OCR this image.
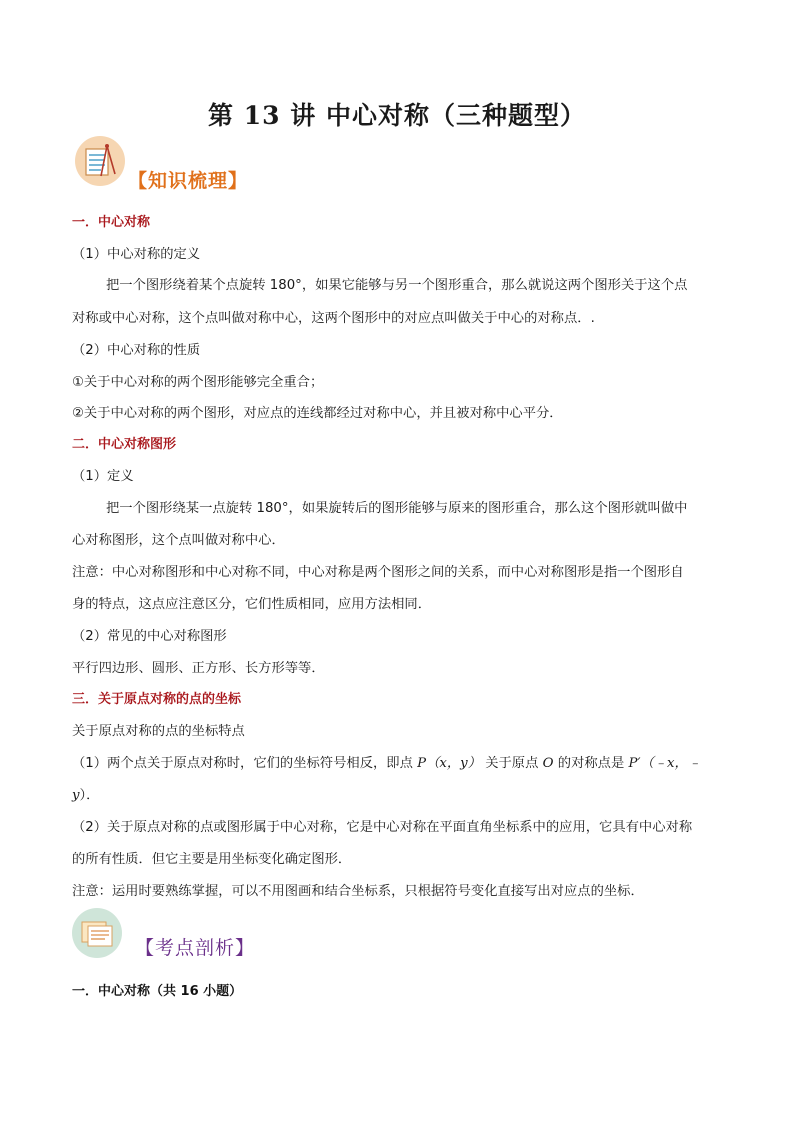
第 13 讲 中心对称（三种题型）
【知识梳理】
一．中心对称
（1）中心对称的定义
把一个图形绕着某个点旋转 180°，如果它能够与另一个图形重合，那么就说这两个图形关于这个点
对称或中心对称，这个点叫做对称中心，这两个图形中的对应点叫做关于中心的对称点．.
（2）中心对称的性质
①关于中心对称的两个图形能够完全重合；
②关于中心对称的两个图形，对应点的连线都经过对称中心，并且被对称中心平分．
二．中心对称图形
（1）定义
把一个图形绕某一点旋转 180°，如果旋转后的图形能够与原来的图形重合，那么这个图形就叫做中
心对称图形，这个点叫做对称中心．
注意：中心对称图形和中心对称不同，中心对称是两个图形之间的关系，而中心对称图形是指一个图形自
身的特点，这点应注意区分，它们性质相同，应用方法相同．
（2）常见的中心对称图形
平行四边形、圆形、正方形、长方形等等．
三．关于原点对称的点的坐标
关于原点对称的点的坐标特点
（1）两个点关于原点对称时，它们的坐标符号相反，即点 P（x，y） 关于原点 O 的对称点是 P′（﹣x，﹣
y）．
（2）关于原点对称的点或图形属于中心对称，它是中心对称在平面直角坐标系中的应用，它具有中心对称
的所有性质．但它主要是用坐标变化确定图形．
注意：运用时要熟练掌握，可以不用图画和结合坐标系，只根据符号变化直接写出对应点的坐标．
【考点剖析】
一．中心对称（共 16 小题）
